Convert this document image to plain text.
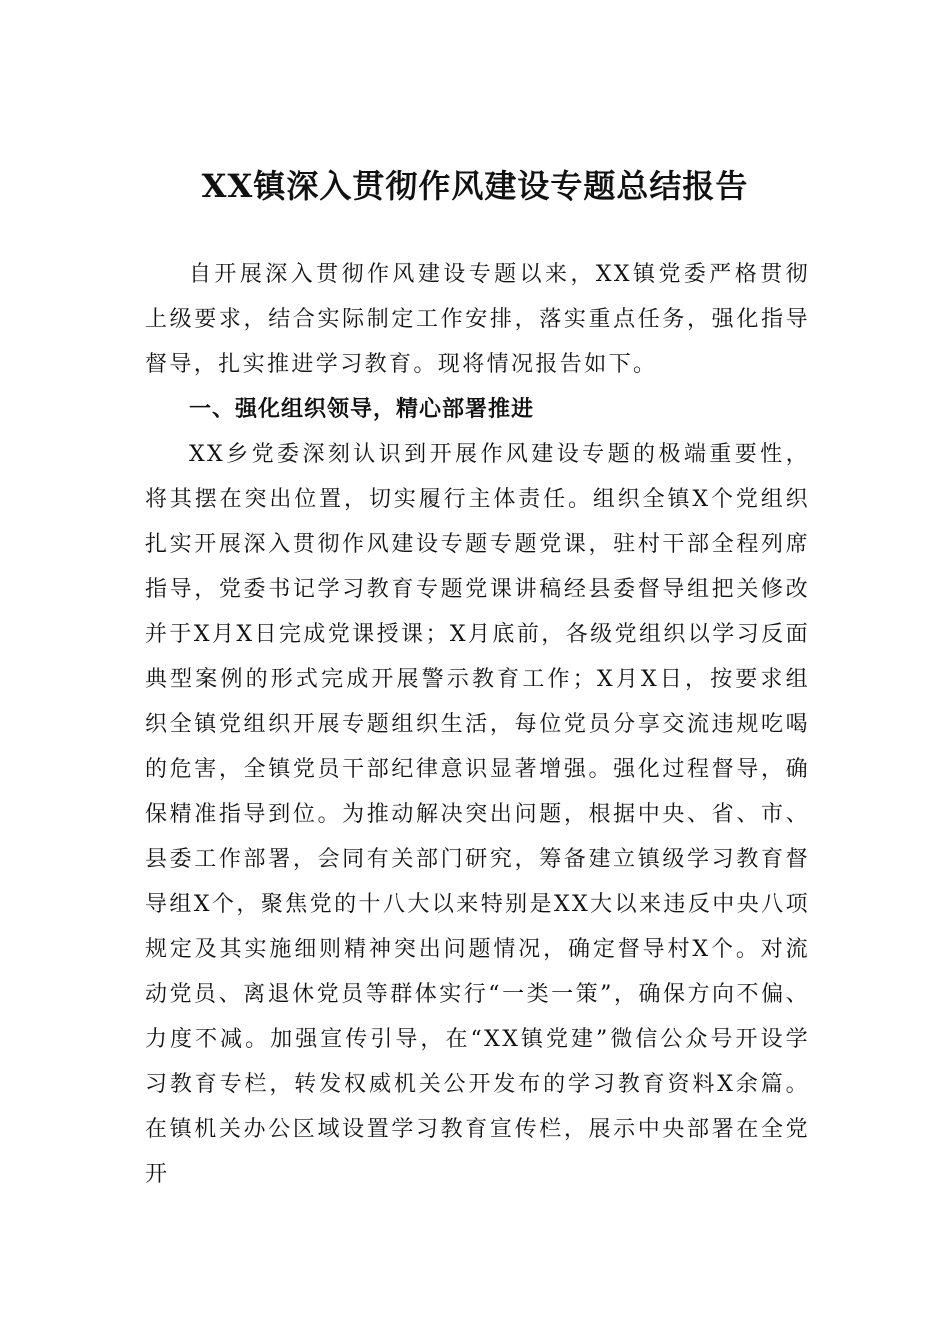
XX镇深入贯彻作风建设专题总结报告

自开展深入贯彻作风建设专题以来，XX镇党委严格贯彻上级要求，结合实际制定工作安排，落实重点任务，强化指导督导，扎实推进学习教育。现将情况报告如下。

一、强化组织领导，精心部署推进

XX乡党委深刻认识到开展作风建设专题的极端重要性，将其摆在突出位置，切实履行主体责任。组织全镇X个党组织扎实开展深入贯彻作风建设专题专题党课，驻村干部全程列席指导，党委书记学习教育专题党课讲稿经县委督导组把关修改并于X月X日完成党课授课；X月底前，各级党组织以学习反面典型案例的形式完成开展警示教育工作；X月X日，按要求组织全镇党组织开展专题组织生活，每位党员分享交流违规吃喝的危害，全镇党员干部纪律意识显著增强。强化过程督导，确保精准指导到位。为推动解决突出问题，根据中央、省、市、县委工作部署，会同有关部门研究，筹备建立镇级学习教育督导组X个，聚焦党的十八大以来特别是XX大以来违反中央八项规定及其实施细则精神突出问题情况，确定督导村X个。对流动党员、离退休党员等群体实行“一类一策”，确保方向不偏、力度不减。加强宣传引导，在“XX镇党建”微信公众号开设学习教育专栏，转发权威机关公开发布的学习教育资料X余篇。在镇机关办公区域设置学习教育宣传栏，展示中央部署在全党开
